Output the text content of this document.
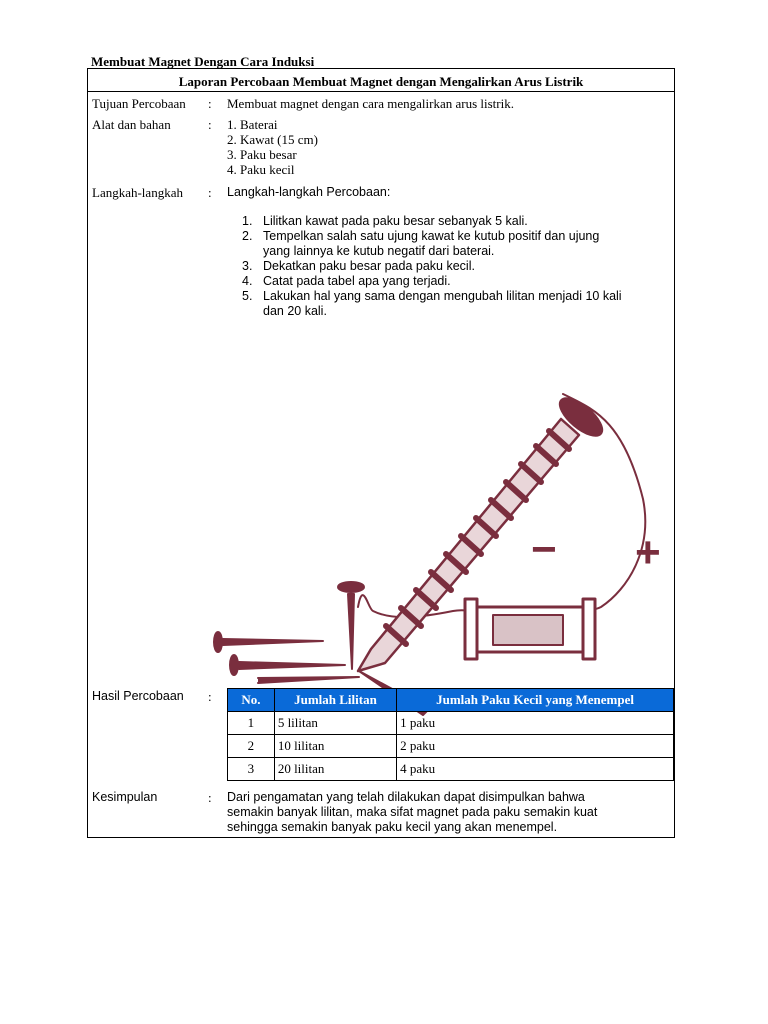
Membuat Magnet Dengan Cara Induksi
Laporan Percobaan Membuat Magnet dengan Mengalirkan Arus Listrik
Tujuan Percobaan : Membuat magnet dengan cara mengalirkan arus listrik.
Alat dan bahan	: 1. Baterai
2. Kawat (15 cm)
3. Paku besar
4. Paku kecil
Langkah-langkah : Langkah-langkah Percobaan:
1. Lilitkan kawat pada paku besar sebanyak 5 kali.
2. Tempelkan salah satu ujung kawat ke kutub positif dan ujung
yang lainnya ke kutub negatif dari baterai.
3. Dekatkan paku besar pada paku kecil.
4. Catat pada tabel apa yang terjadi.
5. Lakukan hal yang sama dengan mengubah lilitan menjadi 10 kali
dan 20 kali.
− +
Hasil Percobaan : No.	Jumlah Lilitan	Jumlah Paku Kecil yang Menempel
1	5 lilitan	1 paku
2	10 lilitan	2 paku
3	20 lilitan	4 paku
Kesimpulan	: Dari pengamatan yang telah dilakukan dapat disimpulkan bahwa
semakin banyak lilitan, maka sifat magnet pada paku semakin kuat
sehingga semakin banyak paku kecil yang akan menempel.
